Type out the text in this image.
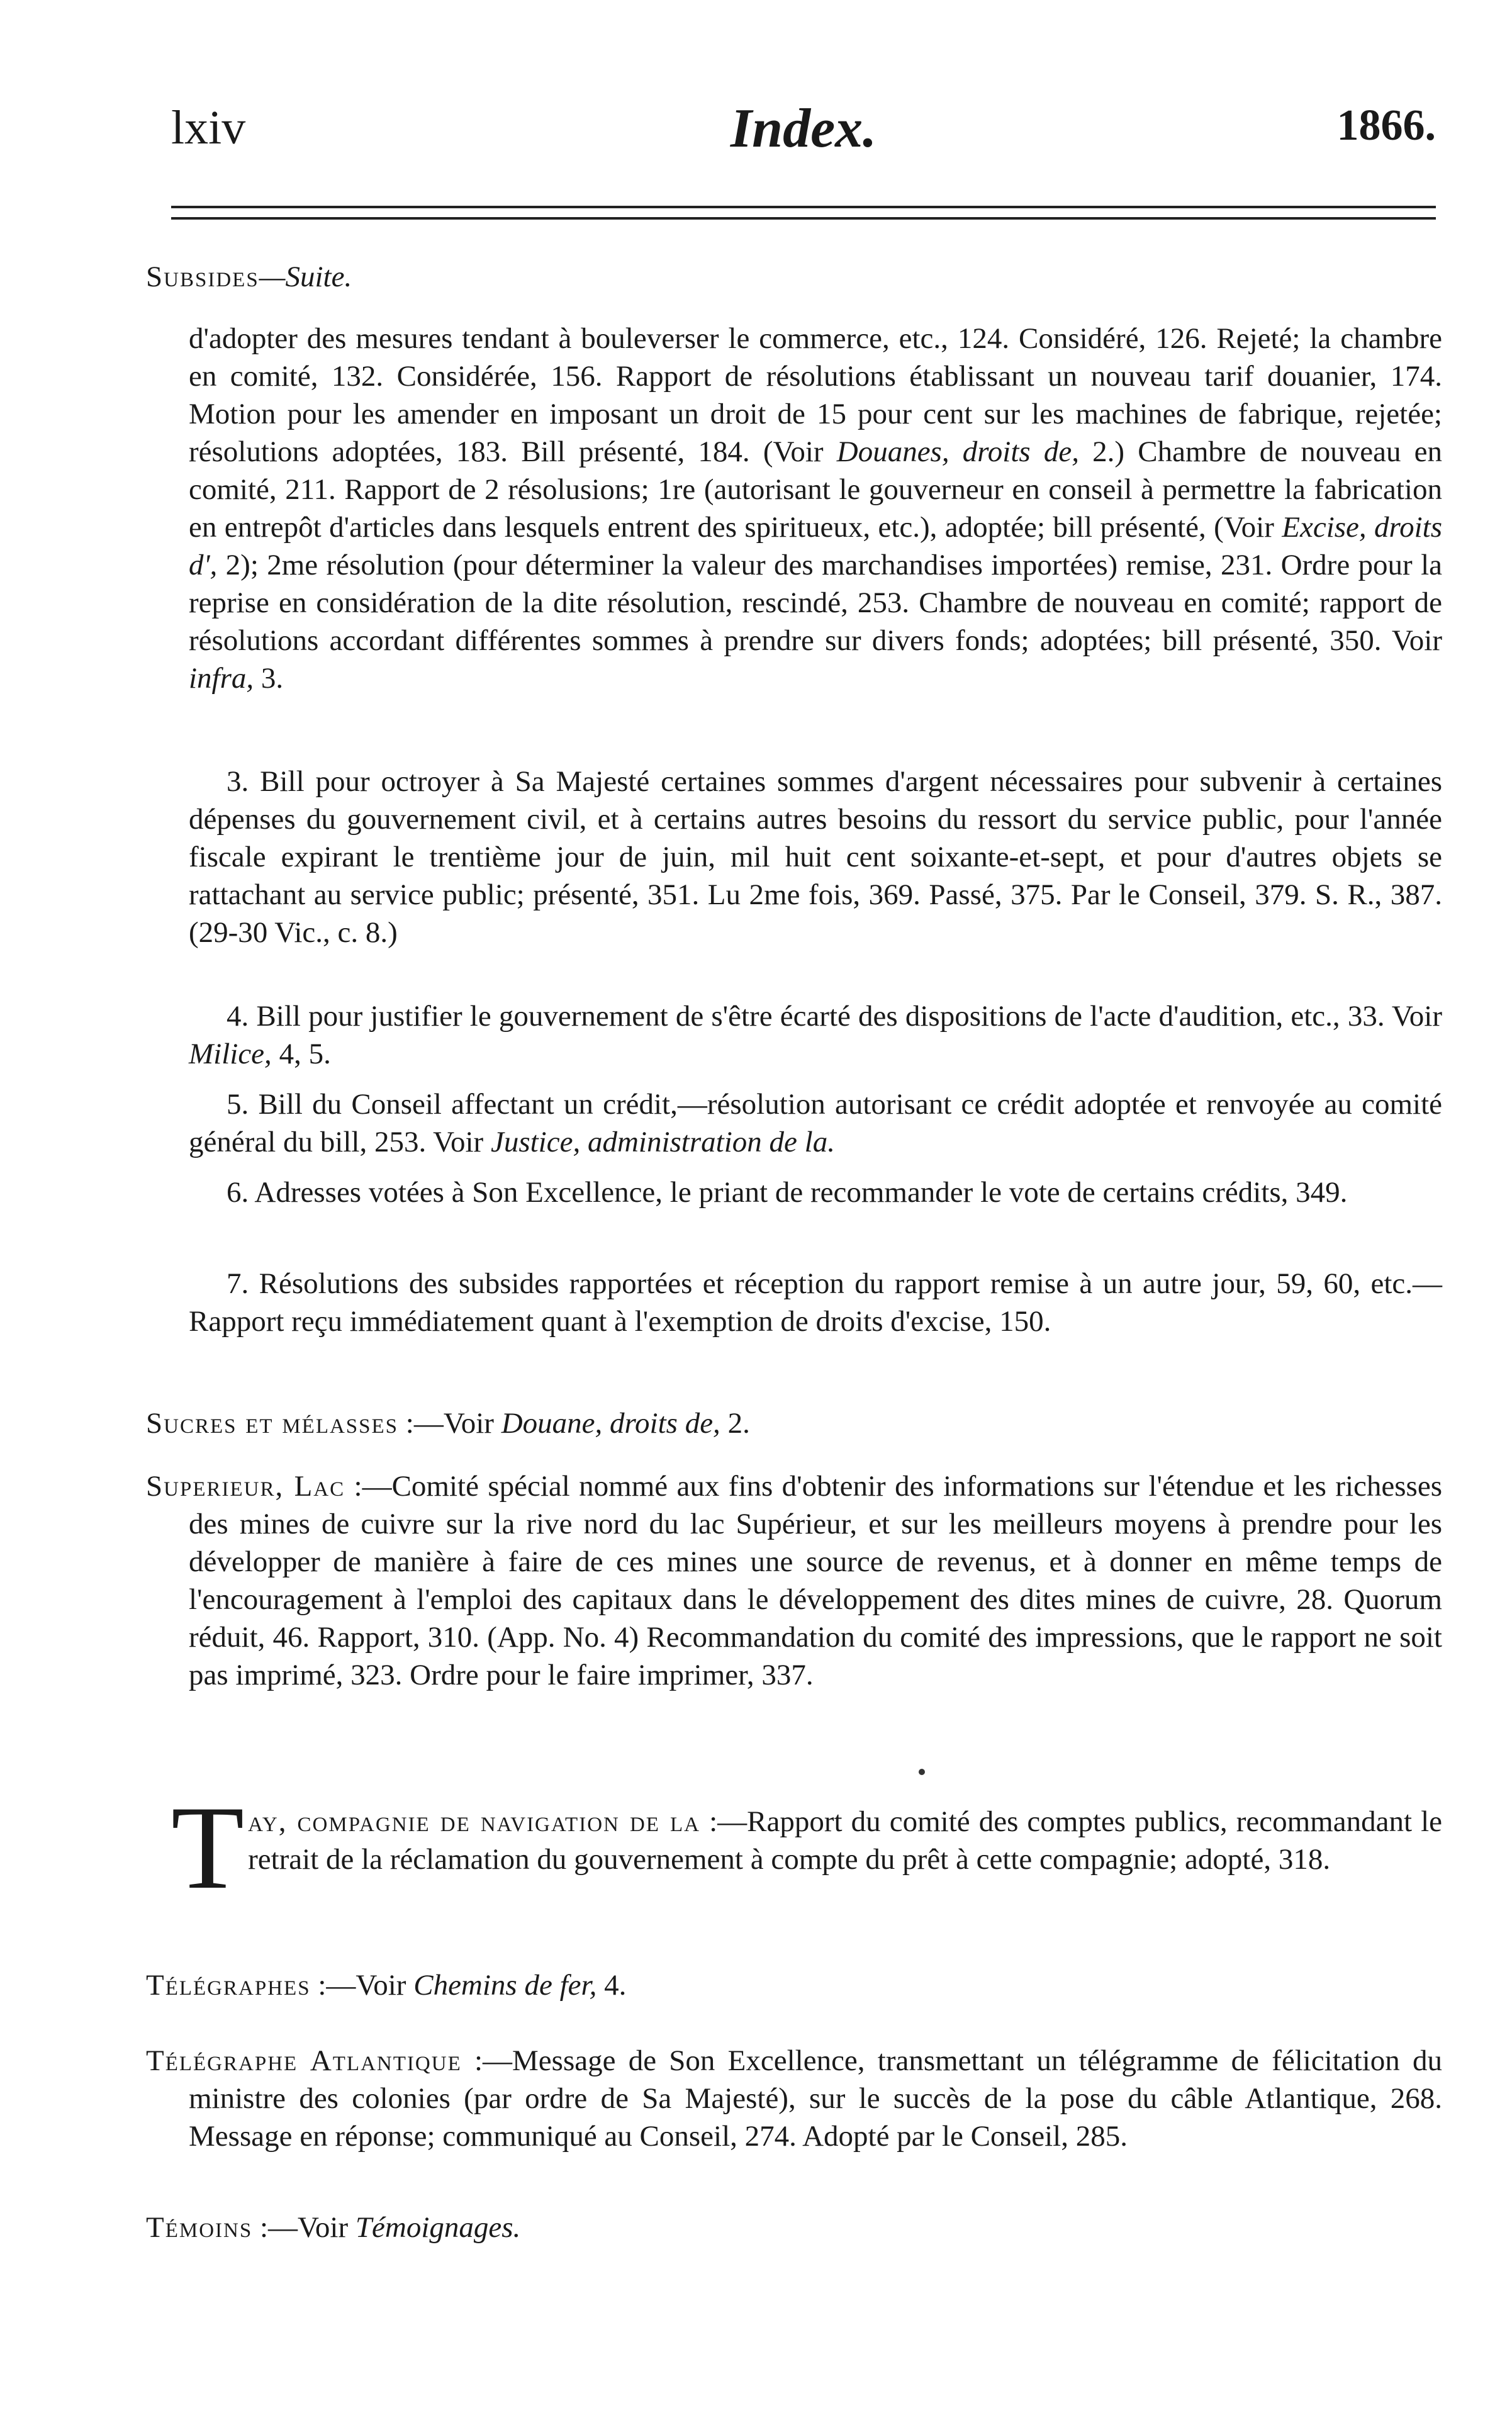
lxiv	Index.	1866.
Subsides—Suite.
d'adopter des mesures tendant à bouleverser le commerce, etc., 124. Considéré, 126. Rejeté; la chambre en comité, 132. Considérée, 156. Rapport de résolutions établissant un nouveau tarif douanier, 174. Motion pour les amender en imposant un droit de 15 pour cent sur les machines de fabrique, rejetée; résolutions adoptées, 183. Bill présenté, 184. (Voir Douanes, droits de, 2.) Chambre de nouveau en comité, 211. Rapport de 2 résolusions; 1re (autorisant le gouverneur en conseil à permettre la fabrication en entrepôt d'articles dans lesquels entrent des spiritueux, etc.), adoptée; bill présenté, (Voir Excise, droits d', 2); 2me résolution (pour déterminer la valeur des marchandises importées) remise, 231. Ordre pour la reprise en considération de la dite résolution, rescindé, 253. Chambre de nouveau en comité; rapport de résolutions accordant différentes sommes à prendre sur divers fonds; adoptées; bill présenté, 350. Voir infra, 3.
3. Bill pour octroyer à Sa Majesté certaines sommes d'argent nécessaires pour subvenir à certaines dépenses du gouvernement civil, et à certains autres besoins du ressort du service public, pour l'année fiscale expirant le trentième jour de juin, mil huit cent soixante-et-sept, et pour d'autres objets se rattachant au service public; présenté, 351. Lu 2me fois, 369. Passé, 375. Par le Conseil, 379. S. R., 387. (29-30 Vic., c. 8.)
4. Bill pour justifier le gouvernement de s'être écarté des dispositions de l'acte d'audition, etc., 33. Voir Milice, 4, 5.
5. Bill du Conseil affectant un crédit,—résolution autorisant ce crédit adoptée et renvoyée au comité général du bill, 253. Voir Justice, administration de la.
6. Adresses votées à Son Excellence, le priant de recommander le vote de certains crédits, 349.
7. Résolutions des subsides rapportées et réception du rapport remise à un autre jour, 59, 60, etc.—Rapport reçu immédiatement quant à l'exemption de droits d'excise, 150.
Sucres et mélasses :—Voir Douane, droits de, 2.
Superieur, Lac :—Comité spécial nommé aux fins d'obtenir des informations sur l'étendue et les richesses des mines de cuivre sur la rive nord du lac Supérieur, et sur les meilleurs moyens à prendre pour les développer de manière à faire de ces mines une source de revenus, et à donner en même temps de l'encouragement à l'emploi des capitaux dans le développement des dites mines de cuivre, 28. Quorum réduit, 46. Rapport, 310. (App. No. 4) Recommandation du comité des impressions, que le rapport ne soit pas imprimé, 323. Ordre pour le faire imprimer, 337.
Tay, compagnie de navigation de la :—Rapport du comité des comptes publics, recommandant le retrait de la réclamation du gouvernement à compte du prêt à cette compagnie; adopté, 318.
Télégraphes :—Voir Chemins de fer, 4.
Télégraphe Atlantique :—Message de Son Excellence, transmettant un télégramme de félicitation du ministre des colonies (par ordre de Sa Majesté), sur le succès de la pose du câble Atlantique, 268. Message en réponse; communiqué au Conseil, 274. Adopté par le Conseil, 285.
Témoins :—Voir Témoignages.
